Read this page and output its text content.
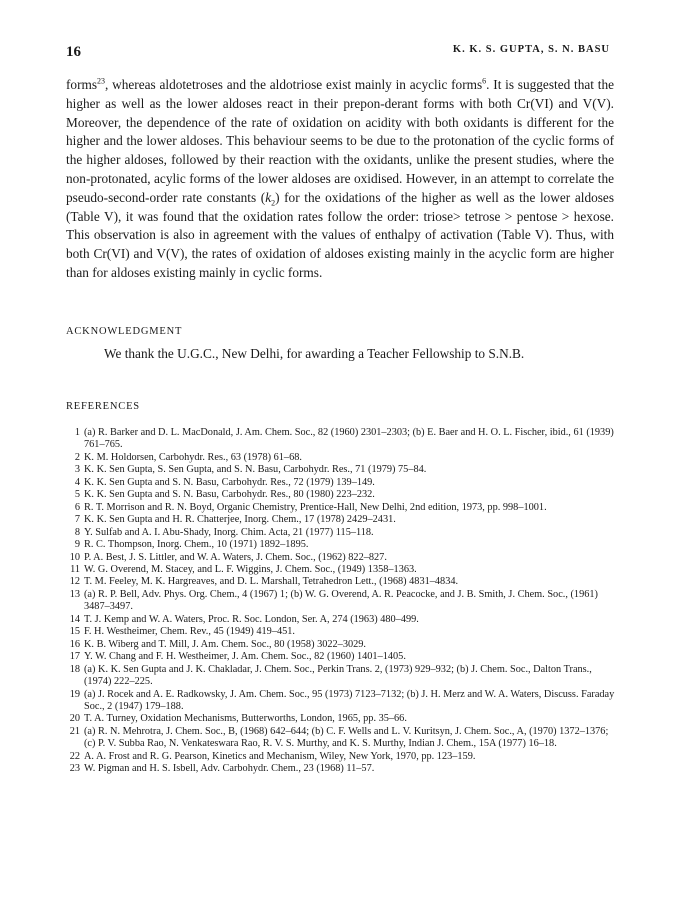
16	K. K. S. GUPTA, S. N. BASU

forms$^{23}$, whereas aldotetroses and the aldotriose exist mainly in acyclic forms$^6$. It is suggested that the higher as well as the lower aldoses react in their prepon-derant forms with both Cr(VI) and V(V). Moreover, the dependence of the rate of oxidation on acidity with both oxidants is different for the higher and the lower aldoses. This behaviour seems to be due to the protonation of the cyclic forms of the higher aldoses, followed by their reaction with the oxidants, unlike the present studies, where the non-protonated, acylic forms of the lower aldoses are oxidised. However, in an attempt to correlate the pseudo-second-order rate constants $(k_2)$ for the oxidations of the higher as well as the lower aldoses (Table V), it was found that the oxidation rates follow the order: triose> tetrose > pentose > hexose. This observation is also in agreement with the values of enthalpy of activation (Table V). Thus, with both Cr(VI) and V(V), the rates of oxidation of aldoses existing mainly in the acyclic form are higher than for aldoses existing mainly in cyclic forms.

ACKNOWLEDGMENT

We thank the U.G.C., New Delhi, for awarding a Teacher Fellowship to S.N.B.

REFERENCES

1 (a) R. Barker and D. L. MacDonald, J. Am. Chem. Soc., 82 (1960) 2301–2303; (b) E. Baer and H. O. L. Fischer, ibid., 61 (1939) 761–765.
2 K. M. Holdorsen, Carbohydr. Res., 63 (1978) 61–68.
3 K. K. Sen Gupta, S. Sen Gupta, and S. N. Basu, Carbohydr. Res., 71 (1979) 75–84.
4 K. K. Sen Gupta and S. N. Basu, Carbohydr. Res., 72 (1979) 139–149.
5 K. K. Sen Gupta and S. N. Basu, Carbohydr. Res., 80 (1980) 223–232.
6 R. T. Morrison and R. N. Boyd, Organic Chemistry, Prentice-Hall, New Delhi, 2nd edition, 1973, pp. 998–1001.
7 K. K. Sen Gupta and H. R. Chatterjee, Inorg. Chem., 17 (1978) 2429–2431.
8 Y. Sulfab and A. I. Abu-Shady, Inorg. Chim. Acta, 21 (1977) 115–118.
9 R. C. Thompson, Inorg. Chem., 10 (1971) 1892–1895.
10 P. A. Best, J. S. Littler, and W. A. Waters, J. Chem. Soc., (1962) 822–827.
11 W. G. Overend, M. Stacey, and L. F. Wiggins, J. Chem. Soc., (1949) 1358–1363.
12 T. M. Feeley, M. K. Hargreaves, and D. L. Marshall, Tetrahedron Lett., (1968) 4831–4834.
13 (a) R. P. Bell, Adv. Phys. Org. Chem., 4 (1967) 1; (b) W. G. Overend, A. R. Peacocke, and J. B. Smith, J. Chem. Soc., (1961) 3487–3497.
14 T. J. Kemp and W. A. Waters, Proc. R. Soc. London, Ser. A, 274 (1963) 480–499.
15 F. H. Westheimer, Chem. Rev., 45 (1949) 419–451.
16 K. B. Wiberg and T. Mill, J. Am. Chem. Soc., 80 (1958) 3022–3029.
17 Y. W. Chang and F. H. Westheimer, J. Am. Chem. Soc., 82 (1960) 1401–1405.
18 (a) K. K. Sen Gupta and J. K. Chakladar, J. Chem. Soc., Perkin Trans. 2, (1973) 929–932; (b) J. Chem. Soc., Dalton Trans., (1974) 222–225.
19 (a) J. Rocek and A. E. Radkowsky, J. Am. Chem. Soc., 95 (1973) 7123–7132; (b) J. H. Merz and W. A. Waters, Discuss. Faraday Soc., 2 (1947) 179–188.
20 T. A. Turney, Oxidation Mechanisms, Butterworths, London, 1965, pp. 35–66.
21 (a) R. N. Mehrotra, J. Chem. Soc., B, (1968) 642–644; (b) C. F. Wells and L. V. Kuritsyn, J. Chem. Soc., A, (1970) 1372–1376; (c) P. V. Subba Rao, N. Venkateswara Rao, R. V. S. Murthy, and K. S. Murthy, Indian J. Chem., 15A (1977) 16–18.
22 A. A. Frost and R. G. Pearson, Kinetics and Mechanism, Wiley, New York, 1970, pp. 123–159.
23 W. Pigman and H. S. Isbell, Adv. Carbohydr. Chem., 23 (1968) 11–57.
